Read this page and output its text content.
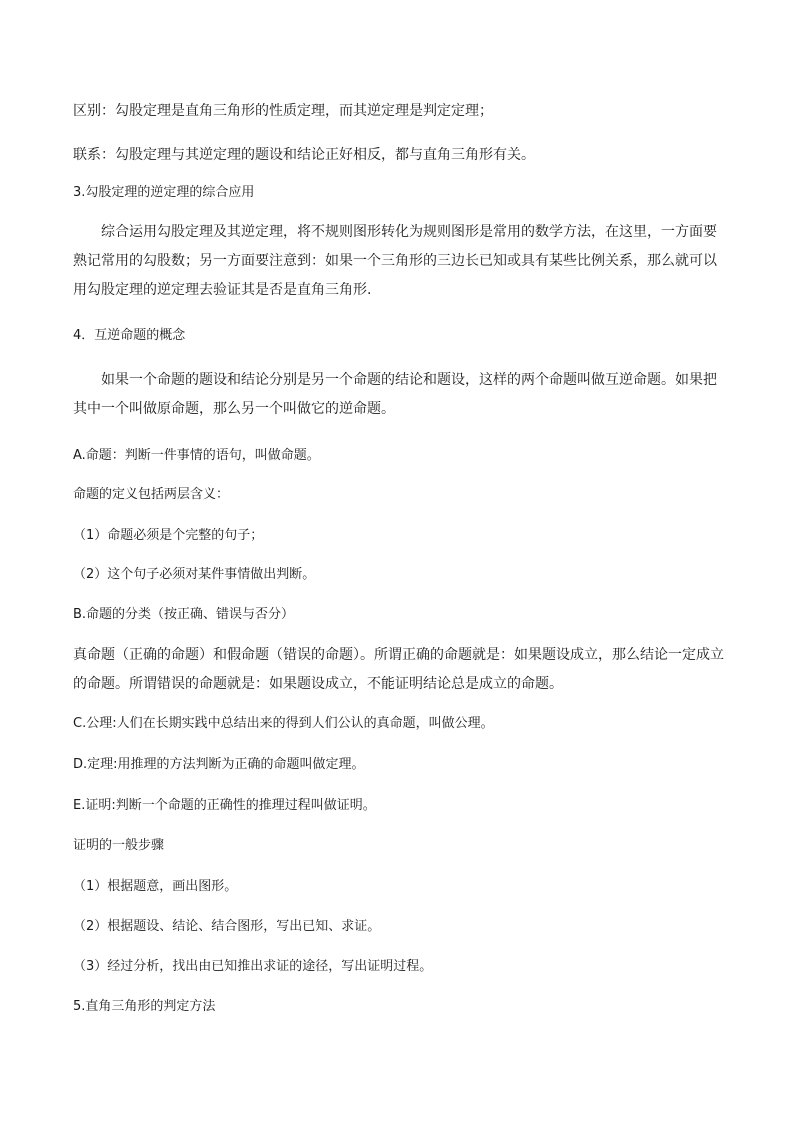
区别：勾股定理是直角三角形的性质定理，而其逆定理是判定定理；
联系：勾股定理与其逆定理的题设和结论正好相反，都与直角三角形有关。
3.勾股定理的逆定理的综合应用
综合运用勾股定理及其逆定理，将不规则图形转化为规则图形是常用的数学方法，在这里，一方面要
熟记常用的勾股数；另一方面要注意到：如果一个三角形的三边长已知或具有某些比例关系，那么就可以
用勾股定理的逆定理去验证其是否是直角三角形.
4．互逆命题的概念
如果一个命题的题设和结论分别是另一个命题的结论和题设，这样的两个命题叫做互逆命题。如果把
其中一个叫做原命题，那么另一个叫做它的逆命题。
A.命题：判断一件事情的语句，叫做命题。
命题的定义包括两层含义：
（1）命题必须是个完整的句子；
（2）这个句子必须对某件事情做出判断。
B.命题的分类（按正确、错误与否分）
真命题（正确的命题）和假命题（错误的命题）。所谓正确的命题就是：如果题设成立，那么结论一定成立
的命题。所谓错误的命题就是：如果题设成立，不能证明结论总是成立的命题。
C.公理:人们在长期实践中总结出来的得到人们公认的真命题，叫做公理。
D.定理:用推理的方法判断为正确的命题叫做定理。
E.证明:判断一个命题的正确性的推理过程叫做证明。
证明的一般步骤
（1）根据题意，画出图形。
（2）根据题设、结论、结合图形，写出已知、求证。
（3）经过分析，找出由已知推出求证的途径，写出证明过程。
5.直角三角形的判定方法
